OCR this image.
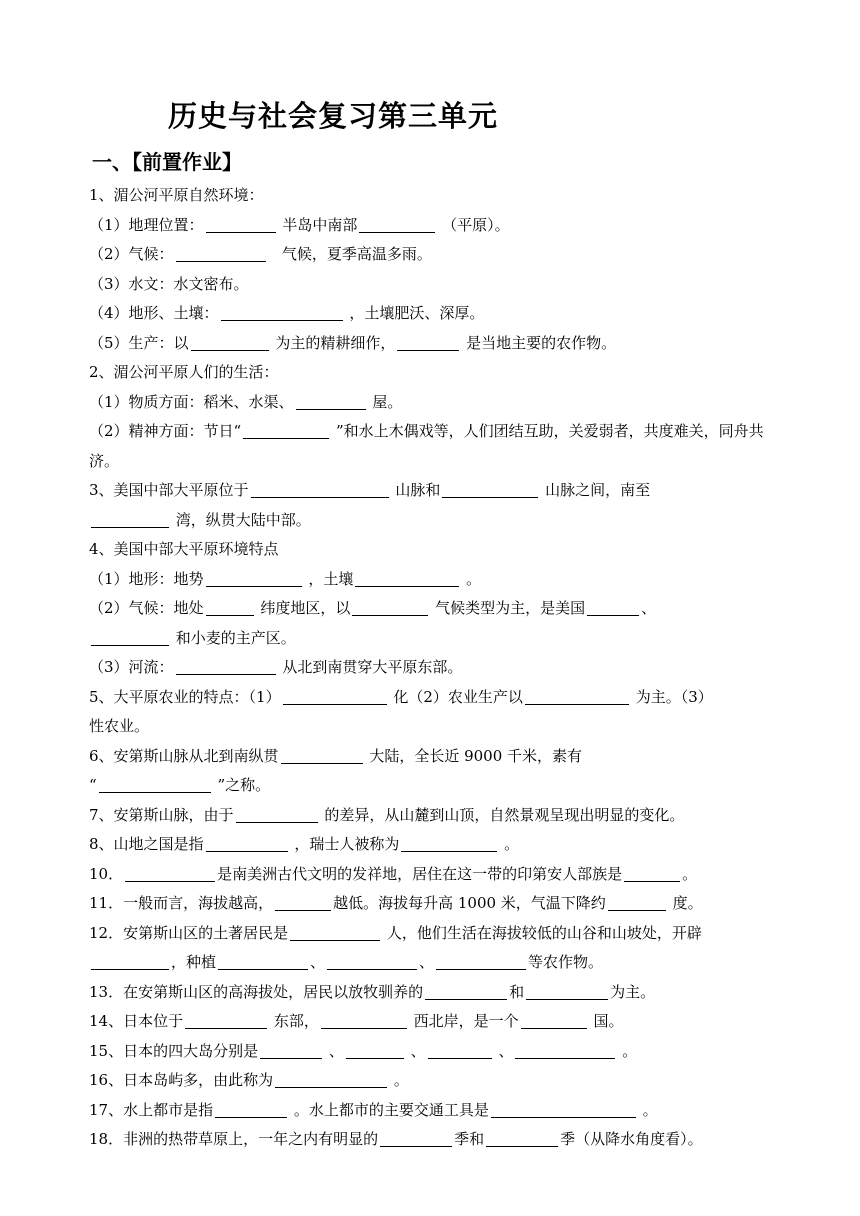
历史与社会复习第三单元
一、【前置作业】
1、湄公河平原自然环境：
（1）地理位置：	半岛中南部	（平原）。
（2）气候：	气候，夏季高温多雨。
（3）水文：水文密布。
（4）地形、土壤：	，土壤肥沃、深厚。
（5）生产：以	为主的精耕细作，	是当地主要的农作物。
2、湄公河平原人们的生活：
（1）物质方面：稻米、水渠、	屋。
（2）精神方面：节日“	”和水上木偶戏等，人们团结互助，关爱弱者，共度难关，同舟共济。
3、美国中部大平原位于	山脉和	山脉之间，南至
湾，纵贯大陆中部。
4、美国中部大平原环境特点
（1）地形：地势	，土壤	。
（2）气候：地处	纬度地区，以	气候类型为主，是美国	、
和小麦的主产区。
（3）河流：	从北到南贯穿大平原东部。
5、大平原农业的特点：（1）	化（2）农业生产以	为主。（3）
性农业。
6、安第斯山脉从北到南纵贯	大陆，全长近 9000 千米，素有
“	”之称。
7、安第斯山脉，由于	的差异，从山麓到山顶，自然景观呈现出明显的变化。
8、山地之国是指	，瑞士人被称为	。
10．	是南美洲古代文明的发祥地，居住在这一带的印第安人部族是	。
11．一般而言，海拔越高，	越低。海拔每升高 1000 米，气温下降约	度。
12．安第斯山区的土著居民是	人，他们生活在海拔较低的山谷和山坡处，开辟
，种植	、	、	等农作物。
13．在安第斯山区的高海拔处，居民以放牧驯养的	和	为主。
14、日本位于	东部，	西北岸，是一个	国。
15、日本的四大岛分别是	、	、	、	。
16、日本岛屿多，由此称为	。
17、水上都市是指	。水上都市的主要交通工具是	。
18．非洲的热带草原上，一年之内有明显的	季和	季（从降水角度看）。
